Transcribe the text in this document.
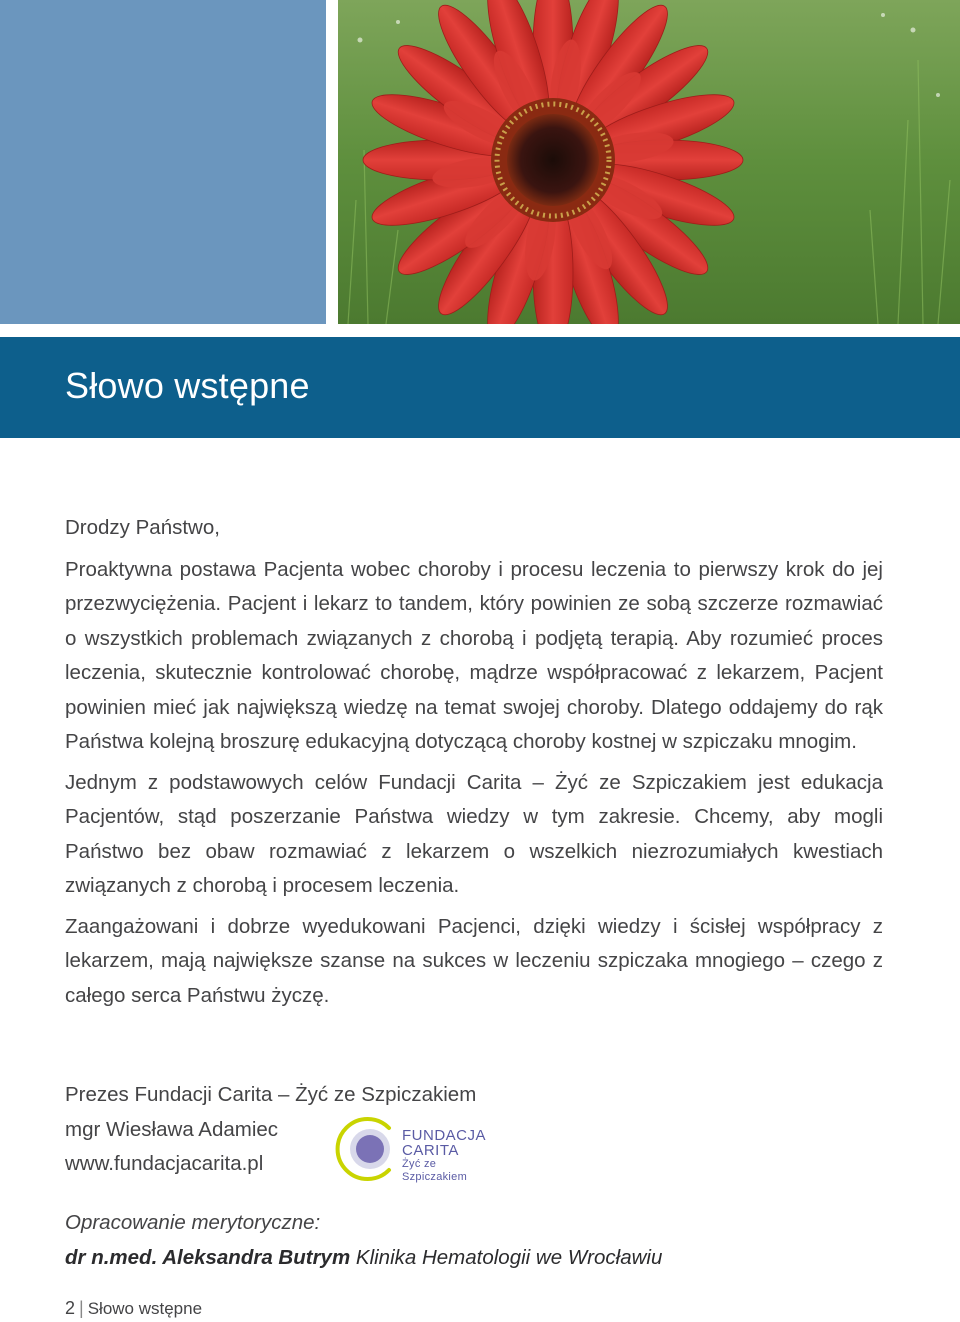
Słowo wstępne

Drodzy Państwo,

Proaktywna postawa Pacjenta wobec choroby i procesu leczenia to pierwszy krok do jej przezwyciężenia. Pacjent i lekarz to tandem, który powinien ze sobą szczerze rozmawiać o wszystkich problemach związanych z chorobą i podjętą terapią. Aby rozumieć proces leczenia, skutecznie kontrolować chorobę, mądrze współpracować z lekarzem, Pacjent powinien mieć jak największą wiedzę na temat swojej choroby. Dlatego oddajemy do rąk Państwa kolejną broszurę edukacyjną dotyczącą choroby kostnej w szpiczaku mnogim.

Jednym z podstawowych celów Fundacji Carita – Żyć ze Szpiczakiem jest edukacja Pacjentów, stąd poszerzanie Państwa wiedzy w tym zakresie. Chcemy, aby mogli Państwo bez obaw rozmawiać z lekarzem o wszelkich niezrozumiałych kwestiach związanych z chorobą i procesem leczenia.

Zaangażowani i dobrze wyedukowani Pacjenci, dzięki wiedzy i ścisłej współpracy z lekarzem, mają największe szanse na sukces w leczeniu szpiczaka mnogiego – czego z całego serca Państwu życzę.

Prezes Fundacji Carita – Żyć ze Szpiczakiem
mgr Wiesława Adamiec
www.fundacjacarita.pl
FUNDACJA
CARITA
Żyć ze Szpiczakiem
Opracowanie merytoryczne:
dr n.med. Aleksandra Butrym Klinika Hematologii we Wrocławiu
2 | Słowo wstępne
